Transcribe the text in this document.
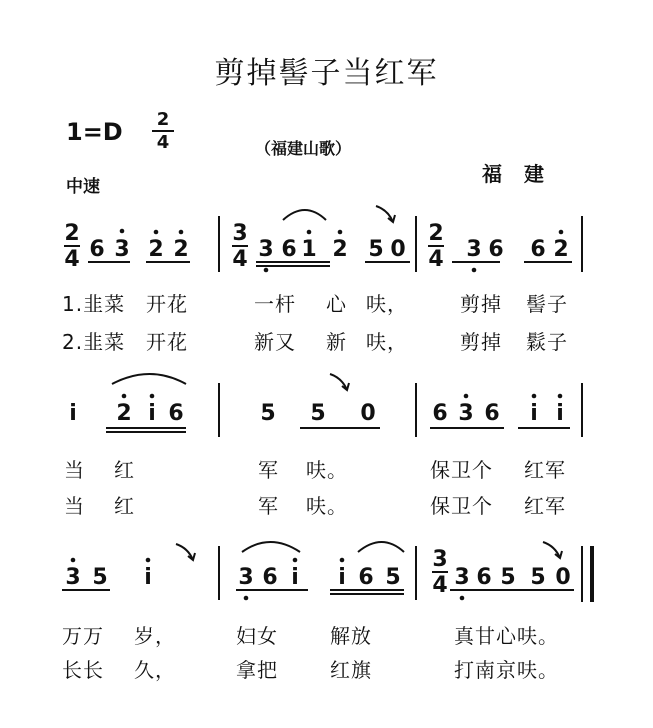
剪掉髻子当红军
1=D 2
4	（福建山歌）
中速
福建
2
4
3
4
2
4
6 3 2 2	3 6 1 2 5 0	3 6 6 2
i 2 i 6	5 5 0	6 3 6 i i
3
4
3 5 i	3 6 i i 6 5 3 6 5 5 0
1.韭菜 开花	一杆 心 呋，	剪掉 髻子
2.韭菜 开花	新又 新 呋，	剪掉 鬏子
当 红	军 呋。	保卫个 红军
当 红	军 呋。	保卫个 红军
万万 岁，	妇女	解放	真甘心呋。
长长 久，	拿把	红旗	打南京呋。
